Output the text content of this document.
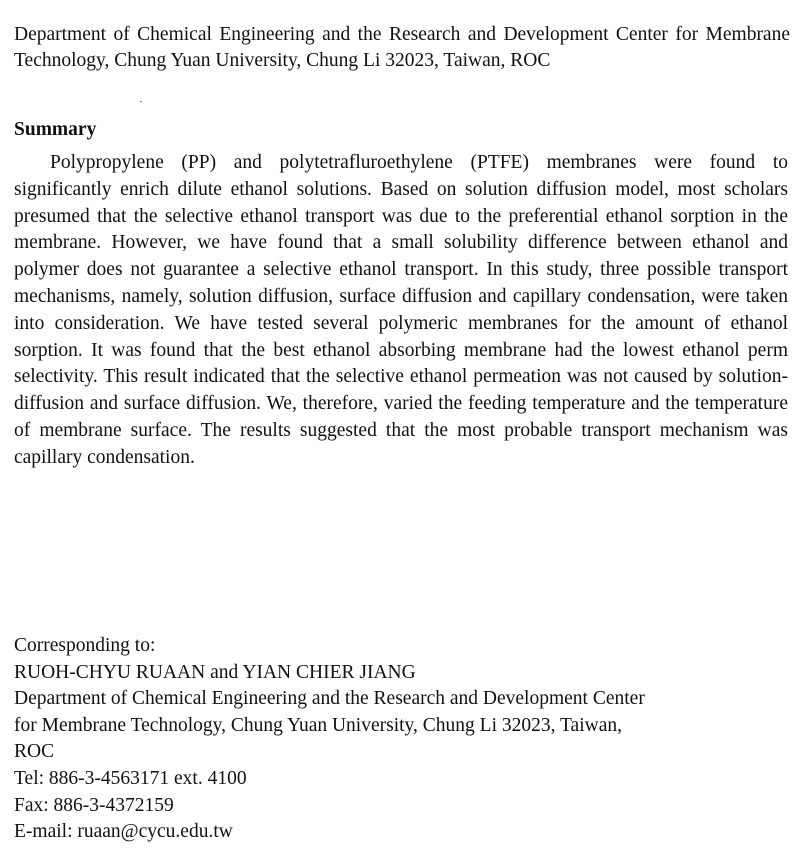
Department of Chemical Engineering and the Research and Development Center for Membrane Technology, Chung Yuan University, Chung Li 32023, Taiwan, ROC

Summary

Polypropylene (PP) and polytetrafluroethylene (PTFE) membranes were found to significantly enrich dilute ethanol solutions. Based on solution diffusion model, most scholars presumed that the selective ethanol transport was due to the preferential ethanol sorption in the membrane. However, we have found that a small solubility difference between ethanol and polymer does not guarantee a selective ethanol transport. In this study, three possible transport mechanisms, namely, solution diffusion, surface diffusion and capillary condensation, were taken into consideration. We have tested several polymeric membranes for the amount of ethanol sorption. It was found that the best ethanol absorbing membrane had the lowest ethanol perm selectivity. This result indicated that the selective ethanol permeation was not caused by solution-diffusion and surface diffusion. We, therefore, varied the feeding temperature and the temperature of membrane surface. The results suggested that the most probable transport mechanism was capillary condensation.

Corresponding to:

RUOH-CHYU RUAAN and YIAN CHIER JIANG

Department of Chemical Engineering and the Research and Development Center

for Membrane Technology, Chung Yuan University, Chung Li 32023, Taiwan,

ROC

Tel: 886-3-4563171 ext. 4100

Fax: 886-3-4372159

E-mail: ruaan@cycu.edu.tw
